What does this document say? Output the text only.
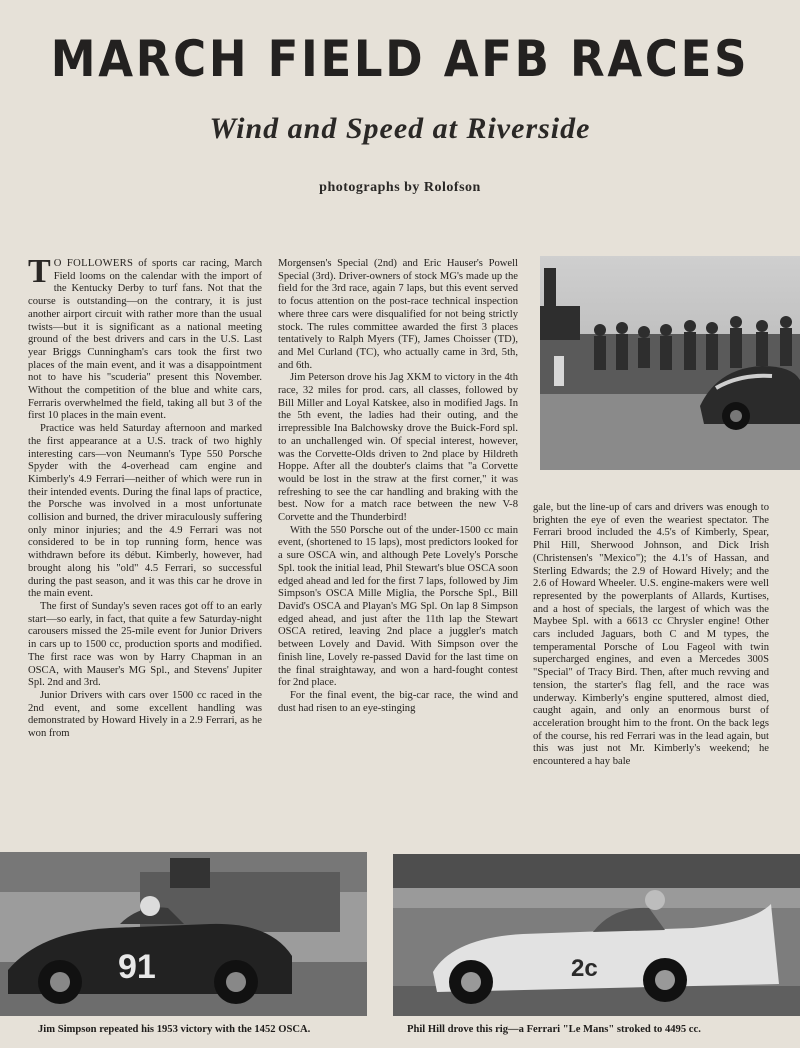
MARCH FIELD AFB RACES
Wind and Speed at Riverside
photographs by Rolofson

T O FOLLOWERS of sports car racing, March Field looms on the calendar with the import of the Kentucky Derby to turf fans. Not that the course is outstanding—on the contrary, it is just another airport circuit with rather more than the usual twists—but it is significant as a national meeting ground of the best drivers and cars in the U.S. Last year Briggs Cunningham's cars took the first two places of the main event, and it was a disappointment not to have his "scuderia" present this November. Without the competition of the blue and white cars, Ferraris overwhelmed the field, taking all but 3 of the first 10 places in the main event.

Practice was held Saturday afternoon and marked the first appearance at a U.S. track of two highly interesting cars—von Neumann's Type 550 Porsche Spyder with the 4-overhead cam engine and Kimberly's 4.9 Ferrari—neither of which were run in their intended events. During the final laps of practice, the Porsche was involved in a most unfortunate collision and burned, the driver miraculously suffering only minor injuries; and the 4.9 Ferrari was not considered to be in top running form, hence was withdrawn before its début. Kimberly, however, had brought along his "old" 4.5 Ferrari, so successful during the past season, and it was this car he drove in the main event.

The first of Sunday's seven races got off to an early start—so early, in fact, that quite a few Saturday-night carousers missed the 25-mile event for Junior Drivers in cars up to 1500 cc, production sports and modified. The first race was won by Harry Chapman in an OSCA, with Mauser's MG Spl., and Stevens' Jupiter Spl. 2nd and 3rd.

Junior Drivers with cars over 1500 cc raced in the 2nd event, and some excellent handling was demonstrated by Howard Hively in a 2.9 Ferrari, as he won from

Morgensen's Special (2nd) and Eric Hauser's Powell Special (3rd). Driver-owners of stock MG's made up the field for the 3rd race, again 7 laps, but this event served to focus attention on the post-race technical inspection where three cars were disqualified for not being strictly stock. The rules committee awarded the first 3 places tentatively to Ralph Myers (TF), James Choisser (TD), and Mel Curland (TC), who actually came in 3rd, 5th, and 6th.

Jim Peterson drove his Jag XKM to victory in the 4th race, 32 miles for prod. cars, all classes, followed by Bill Miller and Loyal Katskee, also in modified Jags. In the 5th event, the ladies had their outing, and the irrepressible Ina Balchowsky drove the Buick-Ford spl. to an unchallenged win. Of special interest, however, was the Corvette-Olds driven to 2nd place by Hildreth Hoppe. After all the doubter's claims that "a Corvette would be lost in the straw at the first corner," it was refreshing to see the car handling and braking with the best. Now for a match race between the new V-8 Corvette and the Thunderbird!

With the 550 Porsche out of the under-1500 cc main event, (shortened to 15 laps), most predictors looked for a sure OSCA win, and although Pete Lovely's Porsche Spl. took the initial lead, Phil Stewart's blue OSCA soon edged ahead and led for the first 7 laps, followed by Jim Simpson's OSCA Mille Miglia, the Porsche Spl., Bill David's OSCA and Playan's MG Spl. On lap 8 Simpson edged ahead, and just after the 11th lap the Stewart OSCA retired, leaving 2nd place a juggler's match between Lovely and David. With Simpson over the finish line, Lovely re-passed David for the last time on the final straightaway, and won a hard-fought contest for 2nd place.

For the final event, the big-car race, the wind and dust had risen to an eye-stinging

gale, but the line-up of cars and drivers was enough to brighten the eye of even the weariest spectator. The Ferrari brood included the 4.5's of Kimberly, Spear, Phil Hill, Sherwood Johnson, and Dick Irish (Christensen's "Mexico"); the 4.1's of Hassan, and Sterling Edwards; the 2.9 of Howard Hively; and the 2.6 of Howard Wheeler. U.S. engine-makers were well represented by the powerplants of Allards, Kurtises, and a host of specials, the largest of which was the Maybee Spl. with a 6613 cc Chrysler engine! Other cars included Jaguars, both C and M types, the temperamental Porsche of Lou Fageol with twin supercharged engines, and even a Mercedes 300S "Special" of Tracy Bird. Then, after much revving and tension, the starter's flag fell, and the race was underway. Kimberly's engine sputtered, almost died, caught again, and only an enormous burst of acceleration brought him to the front. On the back legs of the course, his red Ferrari was in the lead again, but this was just not Mr. Kimberly's weekend; he encountered a hay bale

91	2c
Jim Simpson repeated his 1953 victory with the 1452 OSCA.	Phil Hill drove this rig—a Ferrari "Le Mans" stroked to 4495 cc.
